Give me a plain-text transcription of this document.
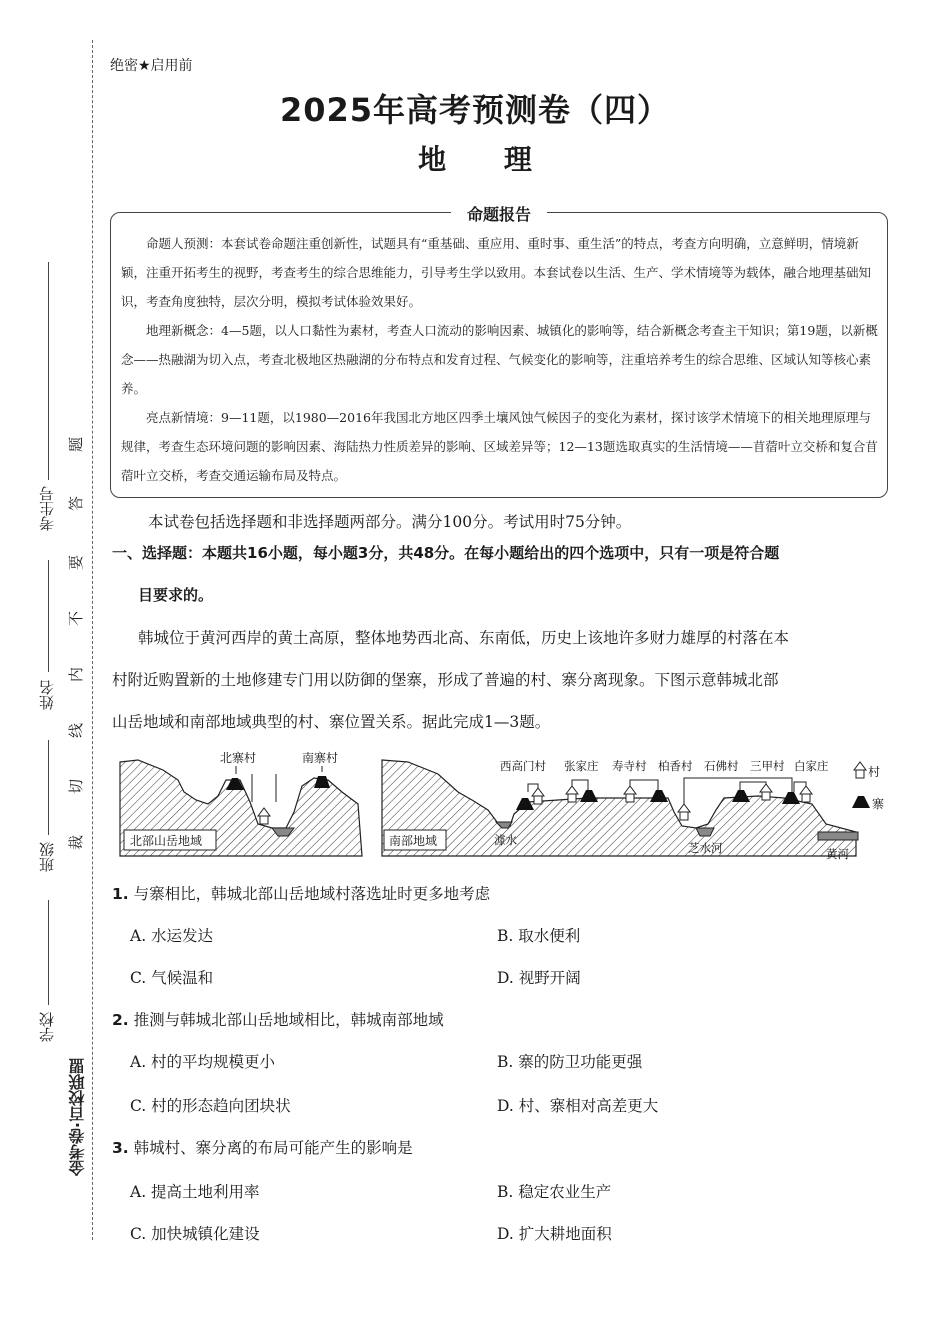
考生号
姓名
班级
学校
金考卷·百校联盟
题
答
要
不
内
线
切
裁
绝密★启用前
2025年高考预测卷（四）
地 理
命题报告

命题人预测：本套试卷命题注重创新性，试题具有“重基础、重应用、重时事、重生活”的特点，考查方向明确，立意鲜明，情境新颖，注重开拓考生的视野，考查考生的综合思维能力，引导考生学以致用。本套试卷以生活、生产、学术情境等为载体，融合地理基础知识，考查角度独特，层次分明，模拟考试体验效果好。

地理新概念：4—5题，以人口黏性为素材，考查人口流动的影响因素、城镇化的影响等，结合新概念考查主干知识；第19题，以新概念——热融湖为切入点，考查北极地区热融湖的分布特点和发育过程、气候变化的影响等，注重培养考生的综合思维、区域认知等核心素养。

亮点新情境：9—11题，以1980—2016年我国北方地区四季土壤风蚀气候因子的变化为素材，探讨该学术情境下的相关地理原理与规律，考查生态环境问题的影响因素、海陆热力性质差异的影响、区域差异等；12—13题选取真实的生活情境——苜蓿叶立交桥和复合苜蓿叶立交桥，考查交通运输布局及特点。

本试卷包括选择题和非选择题两部分。满分100分。考试用时75分钟。
一、选择题：本题共16小题，每小题3分，共48分。在每小题给出的四个选项中，只有一项是符合题
目要求的。
韩城位于黄河西岸的黄土高原，整体地势西北高、东南低，历史上该地许多财力雄厚的村落在本
村附近购置新的土地修建专门用以防御的堡寨，形成了普遍的村、寨分离现象。下图示意韩城北部
山岳地域和南部地域典型的村、寨位置关系。据此完成1—3题。
北寨村	南寨村
北部山岳地域
西高门村 张家庄 寿寺村 柏香村 石佛村 三甲村 白家庄
南部地域	澽水
芝水河	黄河
村
寨
1. 与寨相比，韩城北部山岳地域村落选址时更多地考虑
A. 水运发达	B. 取水便利
C. 气候温和	D. 视野开阔
2. 推测与韩城北部山岳地域相比，韩城南部地域
A. 村的平均规模更小	B. 寨的防卫功能更强
C. 村的形态趋向团块状	D. 村、寨相对高差更大
3. 韩城村、寨分离的布局可能产生的影响是
A. 提高土地利用率	B. 稳定农业生产
C. 加快城镇化建设	D. 扩大耕地面积
